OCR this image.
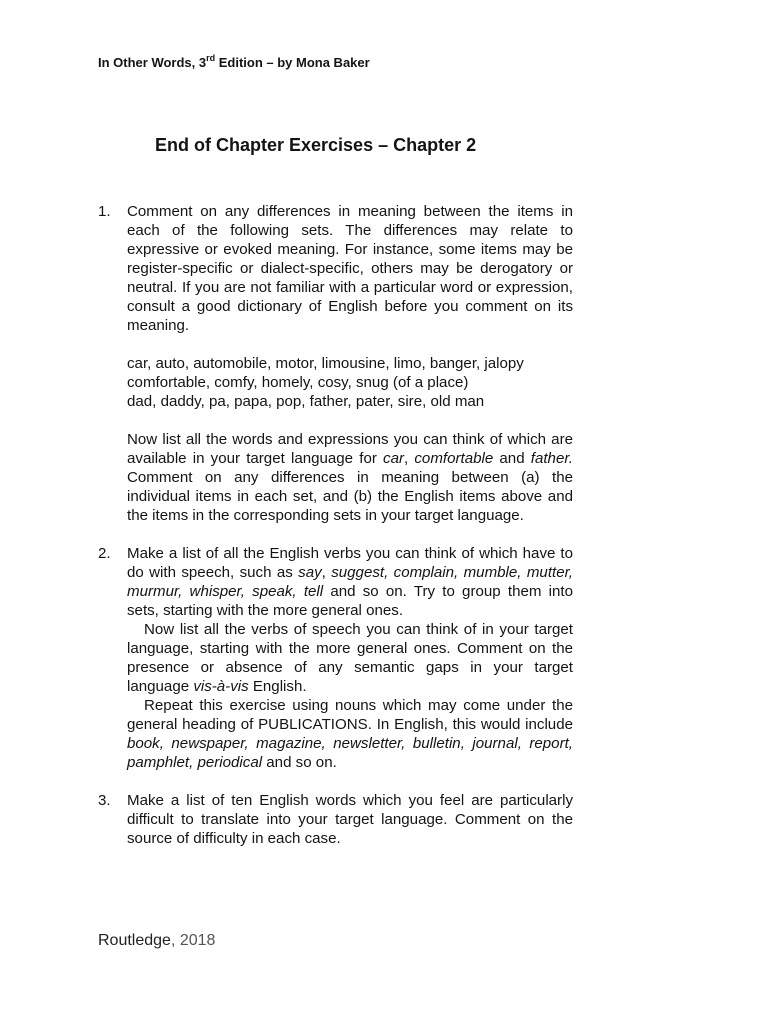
In Other Words, 3rd Edition – by Mona Baker
End of Chapter Exercises – Chapter 2
1. Comment on any differences in meaning between the items in each of the following sets. The differences may relate to expressive or evoked meaning. For instance, some items may be register-specific or dialect-specific, others may be derogatory or neutral. If you are not familiar with a particular word or expression, consult a good dictionary of English before you comment on its meaning.

car, auto, automobile, motor, limousine, limo, banger, jalopy
comfortable, comfy, homely, cosy, snug (of a place)
dad, daddy, pa, papa, pop, father, pater, sire, old man

Now list all the words and expressions you can think of which are available in your target language for car, comfortable and father. Comment on any differences in meaning between (a) the individual items in each set, and (b) the English items above and the items in the corresponding sets in your target language.

2. Make a list of all the English verbs you can think of which have to do with speech, such as say, suggest, complain, mumble, mutter, murmur, whisper, speak, tell and so on. Try to group them into sets, starting with the more general ones.

Now list all the verbs of speech you can think of in your target language, starting with the more general ones. Comment on the presence or absence of any semantic gaps in your target language vis-à-vis English.

Repeat this exercise using nouns which may come under the general heading of PUBLICATIONS. In English, this would include book, newspaper, magazine, newsletter, bulletin, journal, report, pamphlet, periodical and so on.

3. Make a list of ten English words which you feel are particularly difficult to translate into your target language. Comment on the source of difficulty in each case.

Routledge, 2018
